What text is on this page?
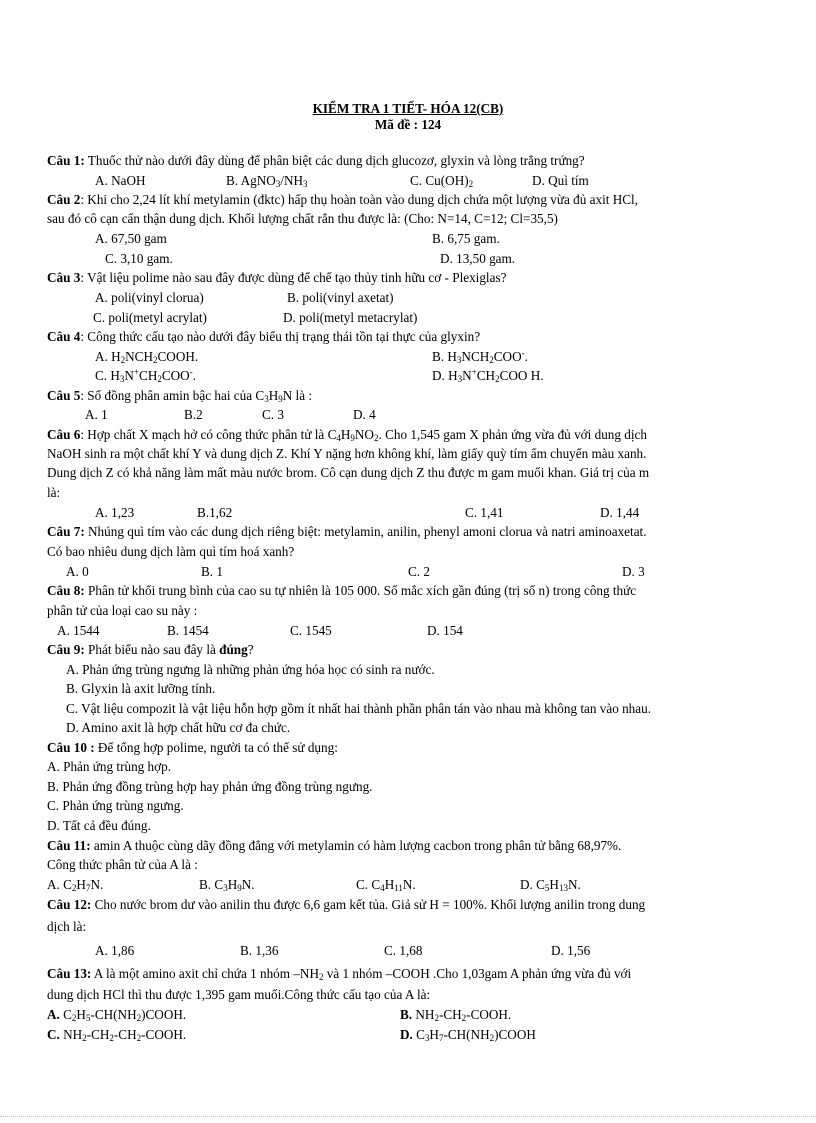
KIỂM TRA 1 TIẾT- HÓA 12(CB)
Mã đề : 124
Câu 1: Thuốc thử nào dưới đây dùng để phân biệt các dung dịch glucozơ, glyxin và lòng trắng trứng?
A. NaOH	B. $AgNO_3/NH_3$	C. $Cu(OH)_2$	D. Quì tím
Câu 2: Khi cho 2,24 lít khí metylamin (đktc) hấp thụ hoàn toàn vào dung dịch chứa một lượng vừa đủ axit HCl,
sau đó cô cạn cẩn thận dung dịch. Khối lượng chất rắn thu được là: (Cho: N=14, C=12; Cl=35,5)
A. 67,50 gam	B. 6,75 gam.
C. 3,10 gam.	D. 13,50 gam.
Câu 3: Vật liệu polime nào sau đây được dùng để chế tạo thủy tinh hữu cơ - Plexiglas?
A. poli(vinyl clorua)	B. poli(vinyl axetat)
C. poli(metyl acrylat)	D. poli(metyl metacrylat)
Câu 4: Công thức cấu tạo nào dưới đây biểu thị trạng thái tồn tại thực của glyxin?
A. $H_2NCH_2COOH$.	B. $H_3NCH_2COO^-$.
C. $H_3N^+CH_2COO^-$.	D. $H_3N^+CH_2COO$ H.
Câu 5: Số đồng phân amin bậc hai của $C_3H_9N$ là :
A. 1	B.2	C. 3	D. 4
Câu 6: Hợp chất X mạch hở có công thức phân tử là $C_4H_9NO_2$. Cho 1,545 gam X phản ứng vừa đủ với dung dịch
NaOH sinh ra một chất khí Y và dung dịch Z. Khí Y nặng hơn không khí, làm giấy quỳ tím ẩm chuyển màu xanh.
Dung dịch Z có khả năng làm mất màu nước brom. Cô cạn dung dịch Z thu được m gam muối khan. Giá trị của m
là:
A. 1,23	B.1,62	C. 1,41	D. 1,44
Câu 7: Nhúng quì tím vào các dung dịch riêng biệt: metylamin, anilin, phenyl amoni clorua và natri aminoaxetat.
Có bao nhiêu dung dịch làm quì tím hoá xanh?
A. 0	B. 1	C. 2	D. 3
Câu 8: Phân tử khối trung bình của cao su tự nhiên là 105 000. Số mắc xích gần đúng (trị số n) trong công thức
phân tử của loại cao su này :
A. 1544	B. 1454	C. 1545	D. 154
Câu 9: Phát biểu nào sau đây là đúng?
A. Phản ứng trùng ngưng là những phản ứng hóa học có sinh ra nước.
B. Glyxin là axit lưỡng tính.
C. Vật liệu compozit là vật liệu hỗn hợp gồm ít nhất hai thành phần phân tán vào nhau mà không tan vào nhau.
D. Amino axit là hợp chất hữu cơ đa chức.
Câu 10 : Để tổng hợp polime, người ta có thể sử dụng:
A. Phản ứng trùng hợp.
B. Phản ứng đồng trùng hợp hay phản ứng đồng trùng ngưng.
C. Phản ứng trùng ngưng.
D. Tất cả đều đúng.
Câu 11: amin A thuộc cùng dãy đồng đẳng với metylamin có hàm lượng cacbon trong phân tử bằng 68,97%.
Công thức phân tử của A là :
A. $C_2H_7N$.	B. $C_3H_9N$.	C. $C_4H_{11}N$.	D. $C_5H_{13}N$.
Câu 12: Cho nước brom dư vào anilin thu được 6,6 gam kết tủa. Giả sử H = 100%. Khối lượng anilin trong dung
dịch là:
A. 1,86	B. 1,36	C. 1,68	D. 1,56
Câu 13: A là một amino axit chỉ chứa 1 nhóm $-NH_2$ và 1 nhóm –COOH .Cho 1,03gam A phản ứng vừa đủ với
dung dịch HCl thì thu được 1,395 gam muối.Công thức cấu tạo của A là:
A. $C_2H_5-CH(NH_2)COOH$.	B. $NH_2-CH_2$-COOH.
C. $NH_2-CH_2-CH_2$-COOH.	D. $C_3H_7-CH(NH_2)COOH$
